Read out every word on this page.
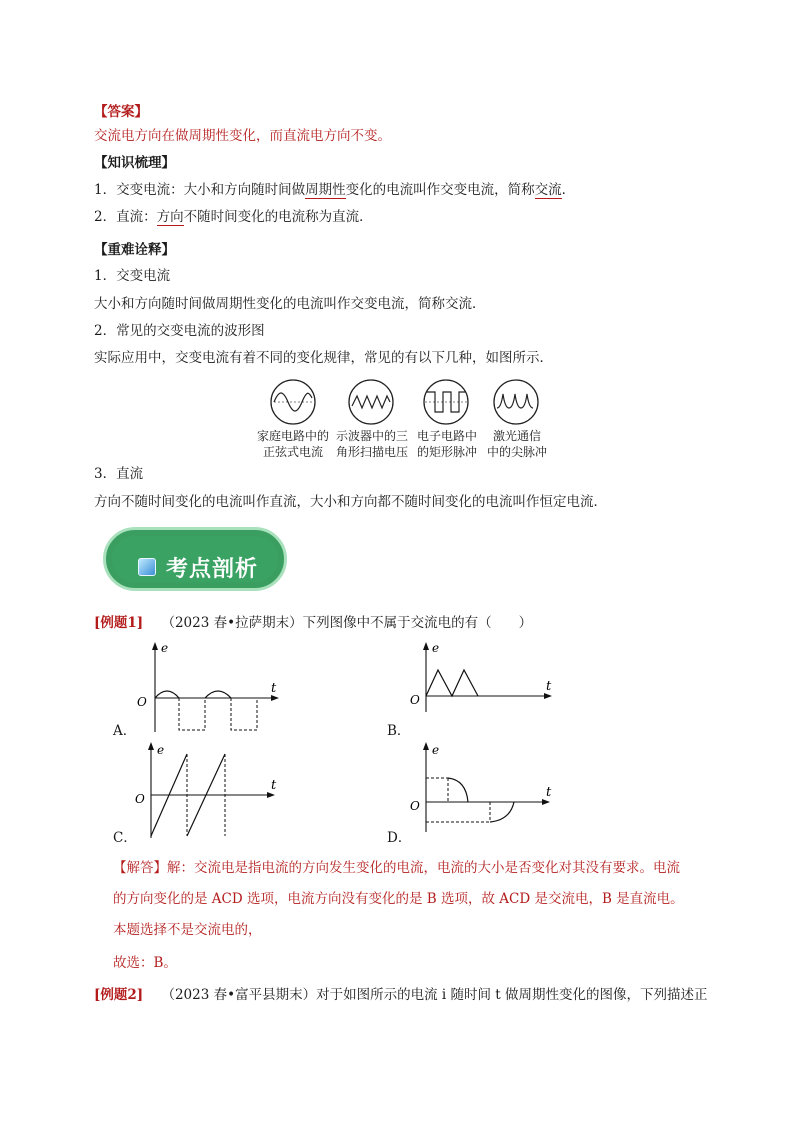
【答案】
交流电方向在做周期性变化，而直流电方向不变。
【知识梳理】
1．交变电流：大小和方向随时间做周期性变化的电流叫作交变电流，简称交流．
2．直流：方向不随时间变化的电流称为直流．
【重难诠释】
1．交变电流
大小和方向随时间做周期性变化的电流叫作交变电流，简称交流．
2．常见的交变电流的波形图
实际应用中，交变电流有着不同的变化规律，常见的有以下几种，如图所示．
家庭电路中的
正弦式电流
示波器中的三
角形扫描电压
电子电路中
的矩形脉冲
激光通信
中的尖脉冲
3．直流
方向不随时间变化的电流叫作直流，大小和方向都不随时间变化的电流叫作恒定电流．
考点剖析
[例题1] （2023 春•拉萨期末）下列图像中不属于交流电的有（　　）
e
t
O
A．
e
t
O
B．
e
t
O
C．
e
t
O
D．
【解答】解：交流电是指电流的方向发生变化的电流，电流的大小是否变化对其没有要求。电流
的方向变化的是 ACD 选项，电流方向没有变化的是 B 选项，故 ACD 是交流电，B 是直流电。
本题选择不是交流电的，
故选：B。
[例题2] （2023 春•富平县期末）对于如图所示的电流 i 随时间 t 做周期性变化的图像，下列描述正
